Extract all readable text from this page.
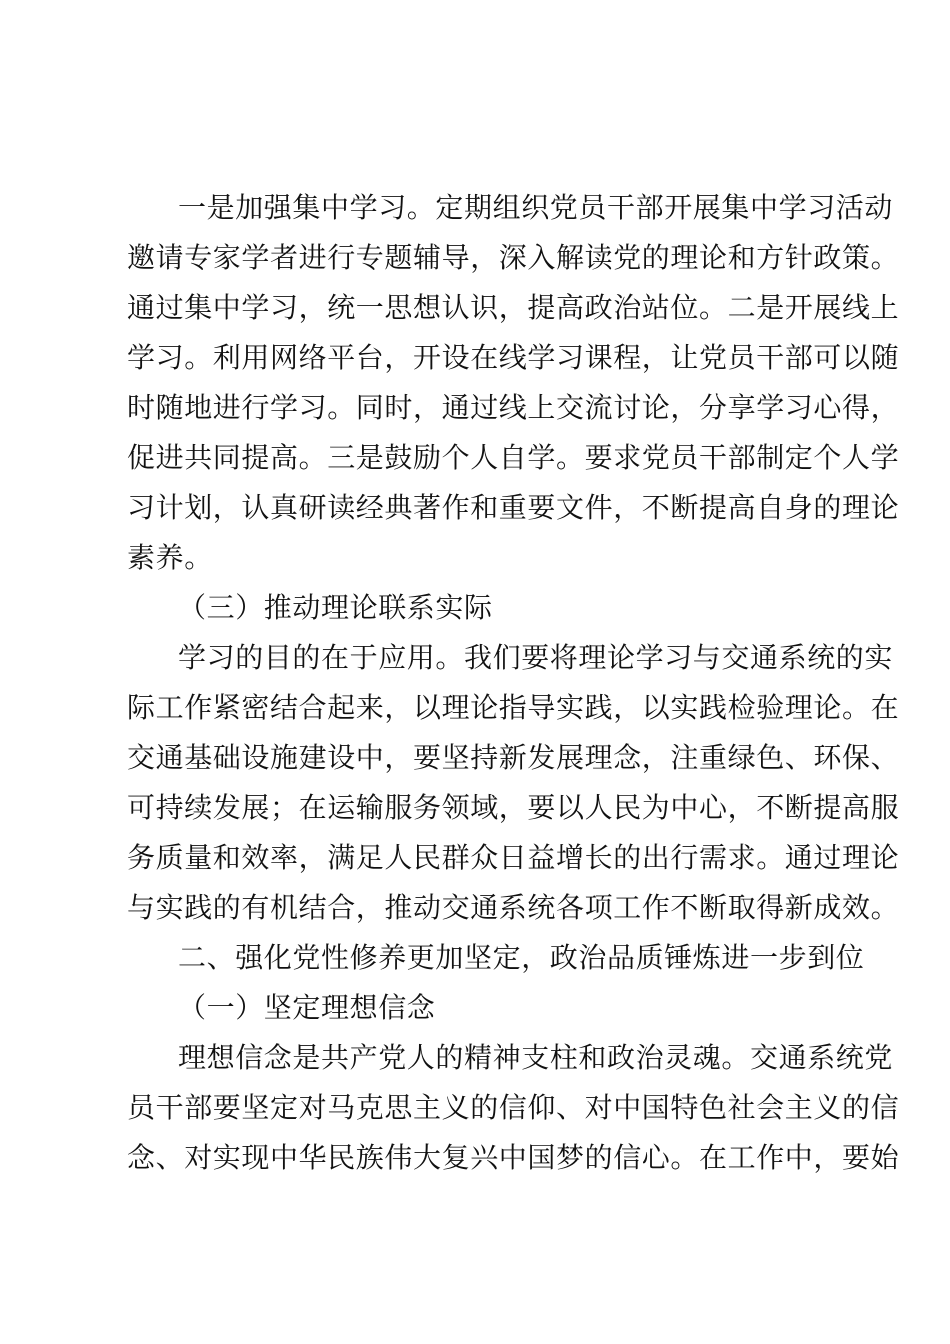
一是加强集中学习。定期组织党员干部开展集中学习活动
邀请专家学者进行专题辅导，深入解读党的理论和方针政策。
通过集中学习，统一思想认识，提高政治站位。二是开展线上
学习。利用网络平台，开设在线学习课程，让党员干部可以随
时随地进行学习。同时，通过线上交流讨论，分享学习心得，
促进共同提高。三是鼓励个人自学。要求党员干部制定个人学
习计划，认真研读经典著作和重要文件，不断提高自身的理论
素养。
（三）推动理论联系实际
学习的目的在于应用。我们要将理论学习与交通系统的实
际工作紧密结合起来，以理论指导实践，以实践检验理论。在
交通基础设施建设中，要坚持新发展理念，注重绿色、环保、
可持续发展；在运输服务领域，要以人民为中心，不断提高服
务质量和效率，满足人民群众日益增长的出行需求。通过理论
与实践的有机结合，推动交通系统各项工作不断取得新成效。
二、强化党性修养更加坚定，政治品质锤炼进一步到位
（一）坚定理想信念
理想信念是共产党人的精神支柱和政治灵魂。交通系统党
员干部要坚定对马克思主义的信仰、对中国特色社会主义的信
念、对实现中华民族伟大复兴中国梦的信心。在工作中，要始
